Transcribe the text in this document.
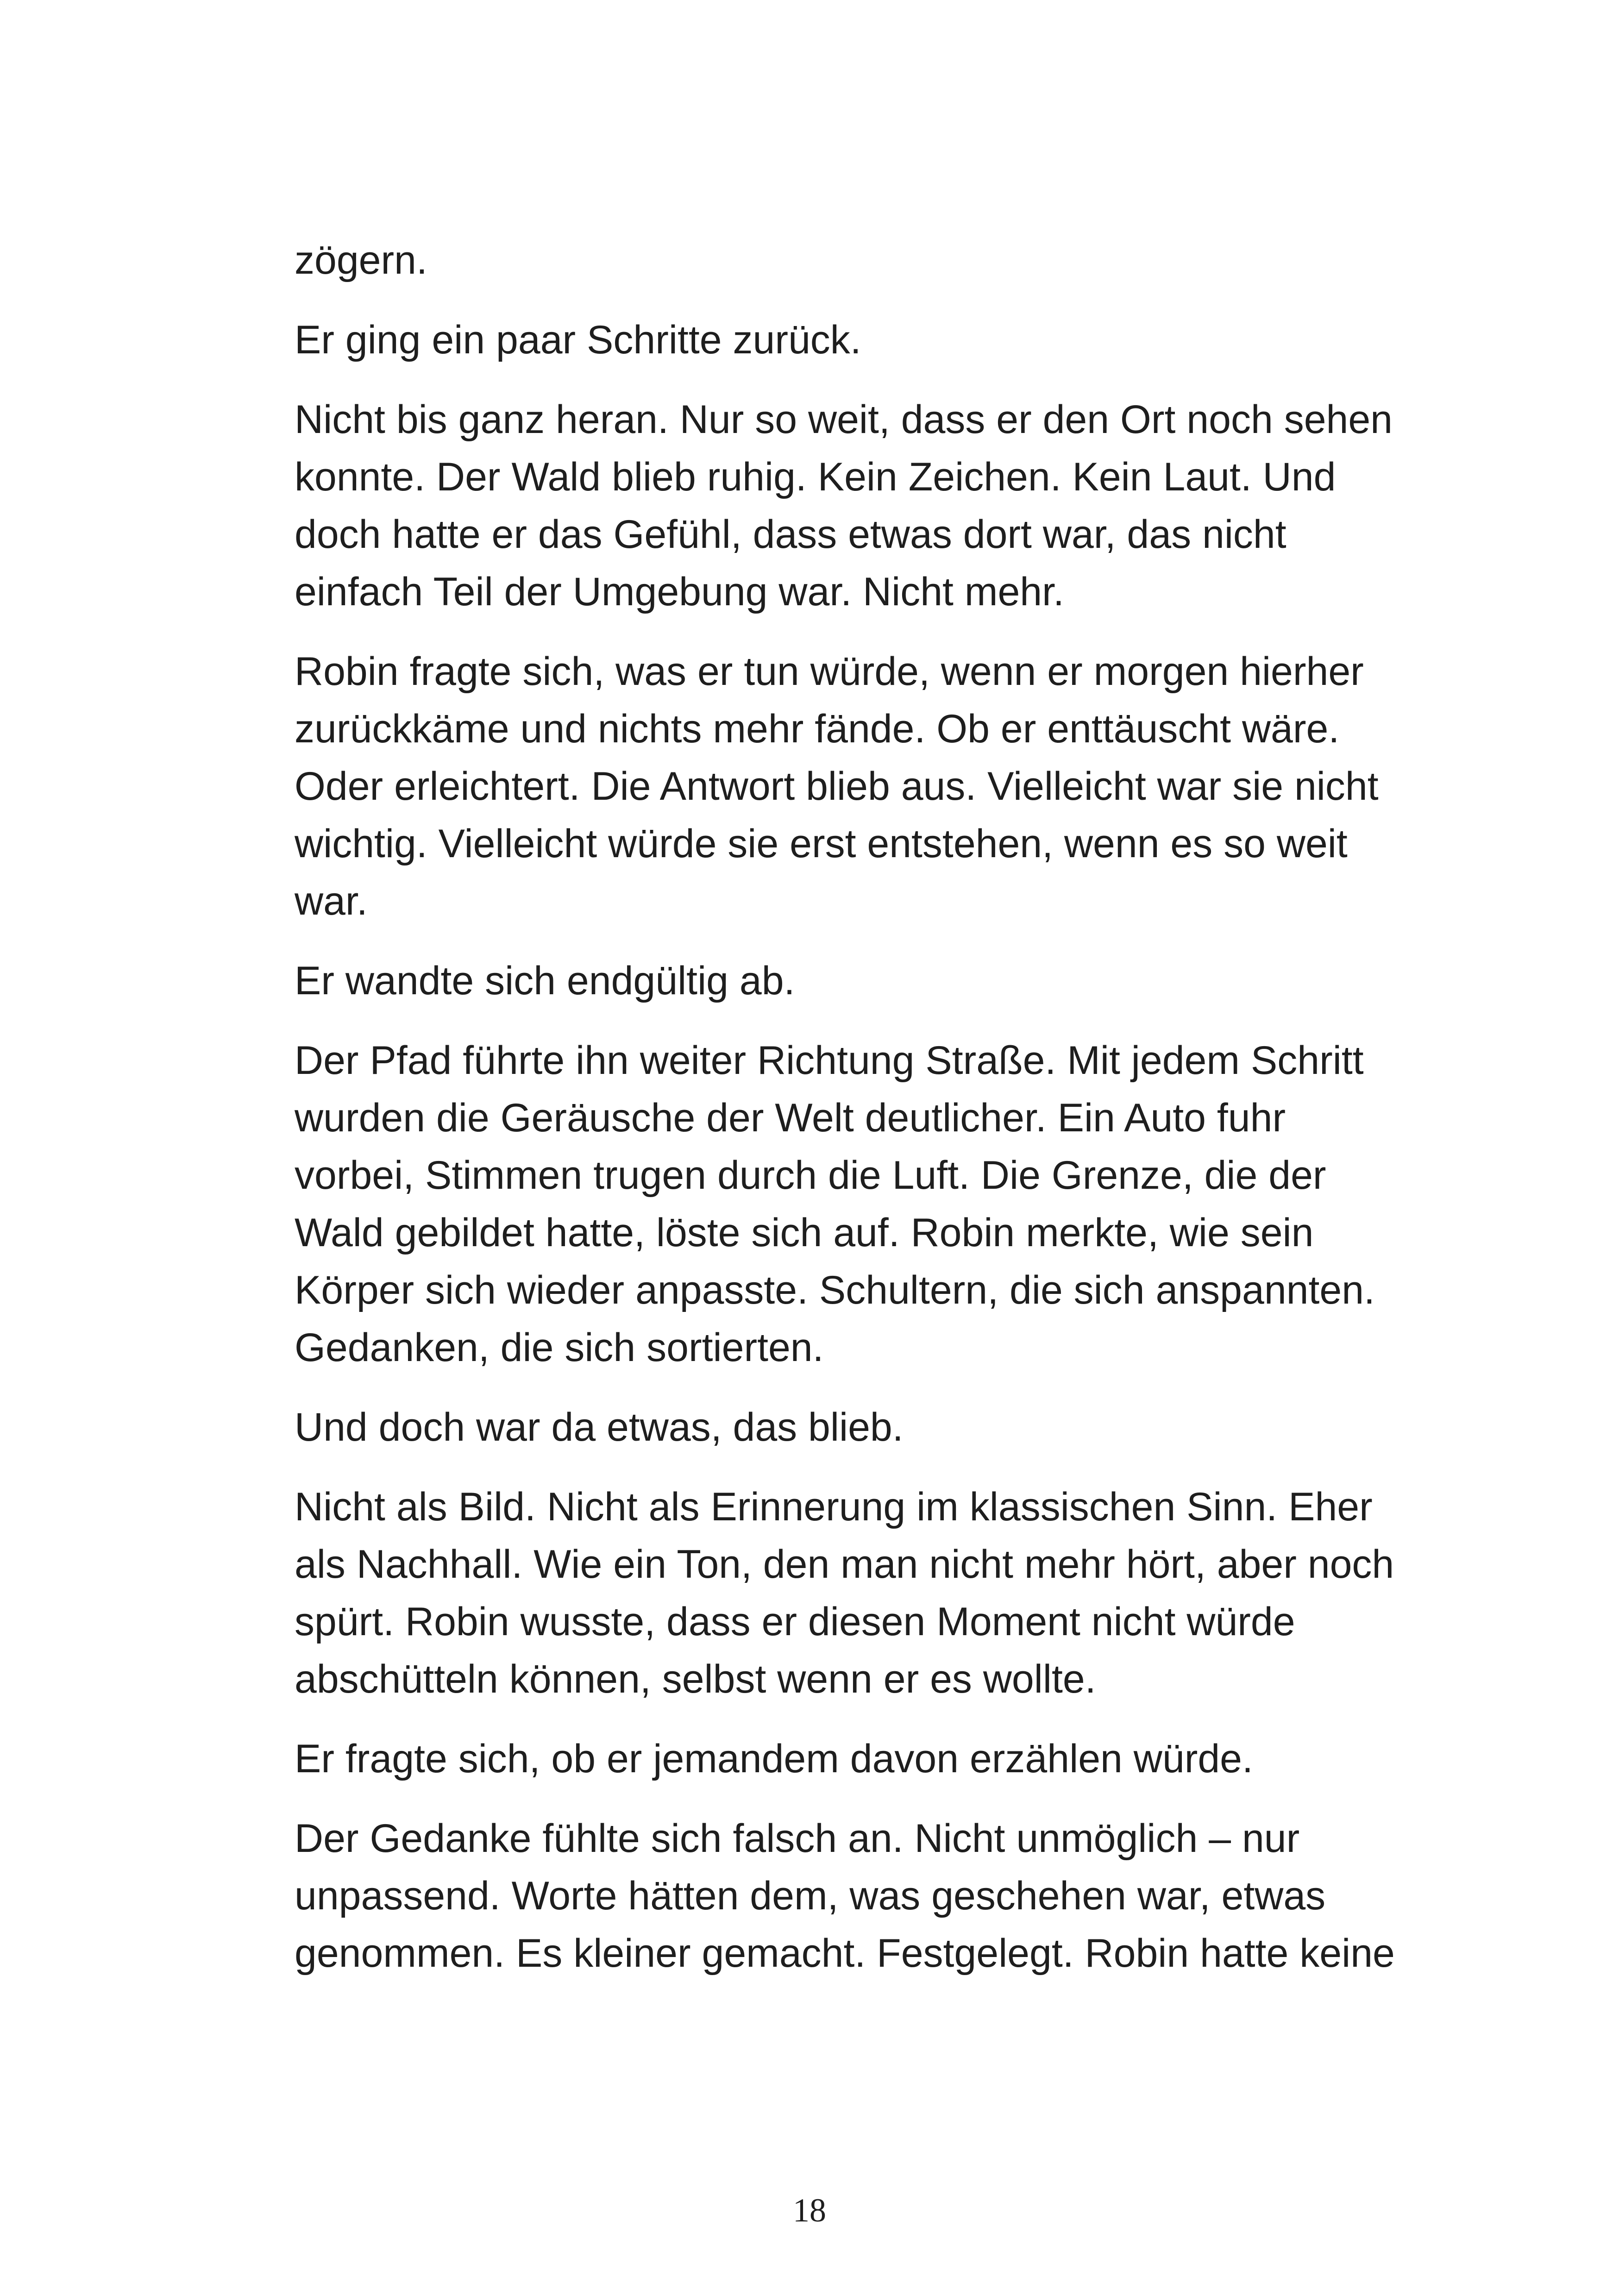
zögern.

Er ging ein paar Schritte zurück.

Nicht bis ganz heran. Nur so weit, dass er den Ort noch sehen
konnte. Der Wald blieb ruhig. Kein Zeichen. Kein Laut. Und
doch hatte er das Gefühl, dass etwas dort war, das nicht
einfach Teil der Umgebung war. Nicht mehr.

Robin fragte sich, was er tun würde, wenn er morgen hierher
zurückkäme und nichts mehr fände. Ob er enttäuscht wäre.
Oder erleichtert. Die Antwort blieb aus. Vielleicht war sie nicht
wichtig. Vielleicht würde sie erst entstehen, wenn es so weit
war.

Er wandte sich endgültig ab.

Der Pfad führte ihn weiter Richtung Straße. Mit jedem Schritt
wurden die Geräusche der Welt deutlicher. Ein Auto fuhr
vorbei, Stimmen trugen durch die Luft. Die Grenze, die der
Wald gebildet hatte, löste sich auf. Robin merkte, wie sein
Körper sich wieder anpasste. Schultern, die sich anspannten.
Gedanken, die sich sortierten.

Und doch war da etwas, das blieb.

Nicht als Bild. Nicht als Erinnerung im klassischen Sinn. Eher
als Nachhall. Wie ein Ton, den man nicht mehr hört, aber noch
spürt. Robin wusste, dass er diesen Moment nicht würde
abschütteln können, selbst wenn er es wollte.

Er fragte sich, ob er jemandem davon erzählen würde.

Der Gedanke fühlte sich falsch an. Nicht unmöglich – nur
unpassend. Worte hätten dem, was geschehen war, etwas
genommen. Es kleiner gemacht. Festgelegt. Robin hatte keine

18
